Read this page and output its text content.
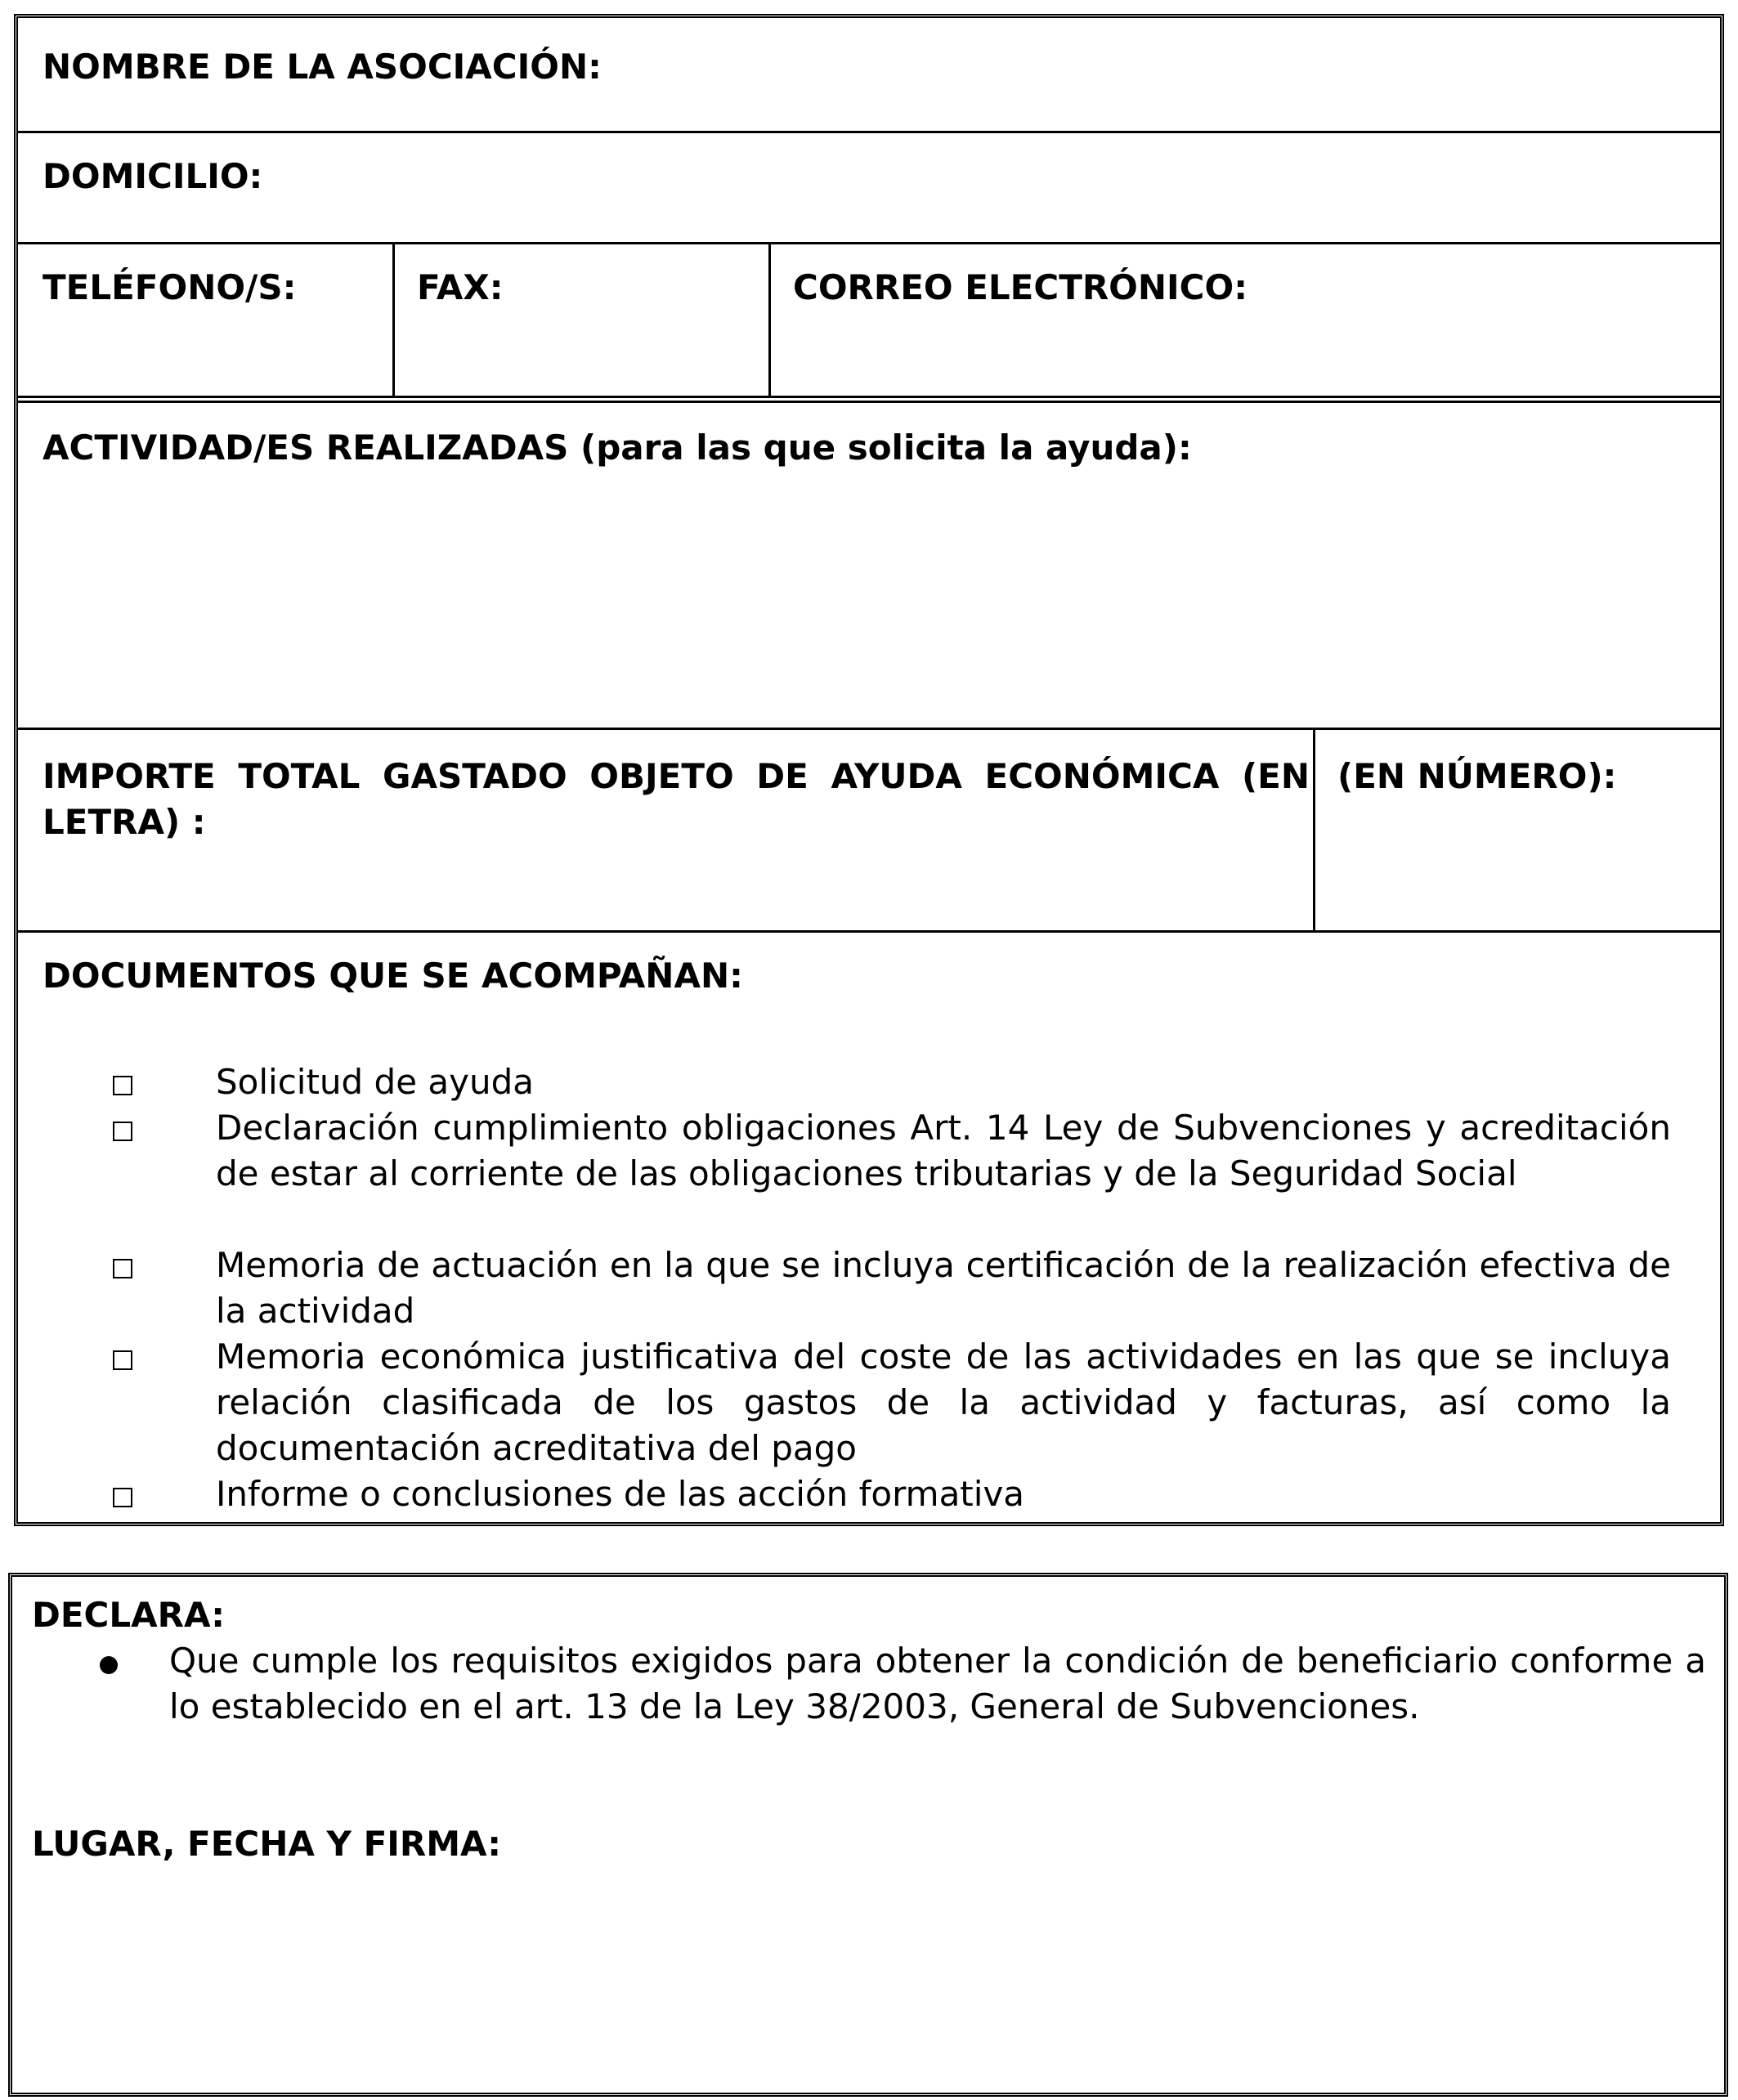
NOMBRE DE LA ASOCIACIÓN:
DOMICILIO:
TELÉFONO/S:	FAX:	CORREO ELECTRÓNICO:
ACTIVIDAD/ES REALIZADAS (para las que solicita la ayuda):
IMPORTE TOTAL GASTADO OBJETO DE AYUDA ECONÓMICA (EN LETRA) :
(EN NÚMERO):
DOCUMENTOS QUE SE ACOMPAÑAN:
Solicitud de ayuda
Declaración cumplimiento obligaciones Art. 14 Ley de Subvenciones y acreditación de estar al corriente de las obligaciones tributarias y de la Seguridad Social
Memoria de actuación en la que se incluya certificación de la realización efectiva de la actividad
Memoria económica justificativa del coste de las actividades en las que se incluya relación clasificada de los gastos de la actividad y facturas, así como la documentación acreditativa del pago
Informe o conclusiones de las acción formativa
DECLARA:
Que cumple los requisitos exigidos para obtener la condición de beneficiario conforme a lo establecido en el art. 13 de la Ley 38/2003, General de Subvenciones.
LUGAR, FECHA Y FIRMA:
